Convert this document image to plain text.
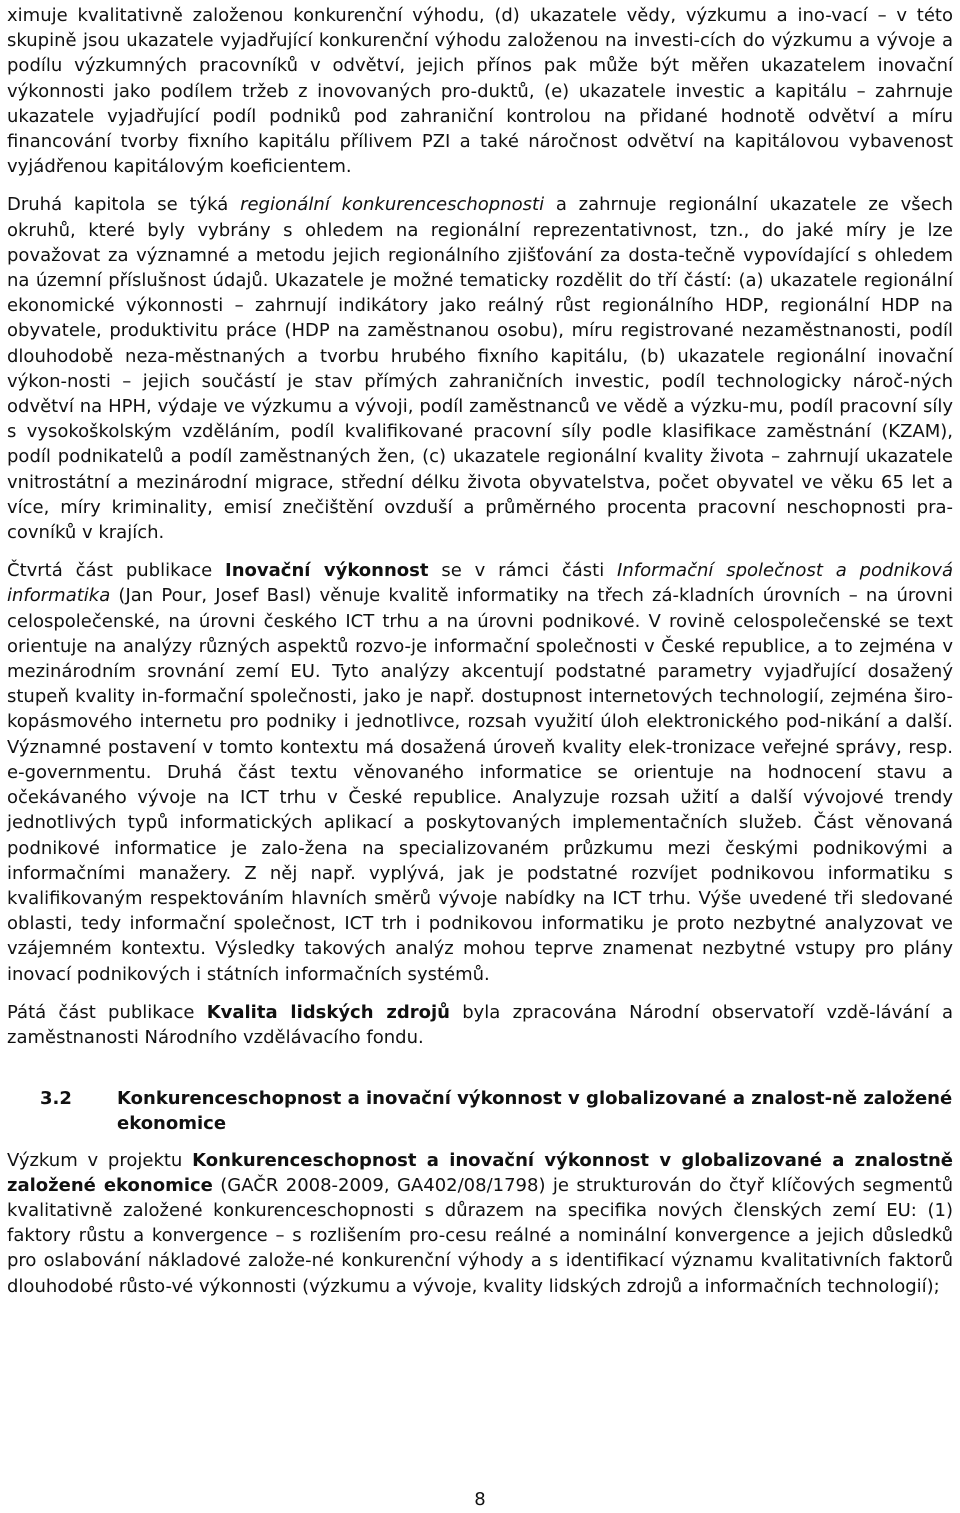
ximuje kvalitativně založenou konkurenční výhodu, (d) ukazatele vědy, výzkumu a ino-vací – v této skupině jsou ukazatele vyjadřující konkurenční výhodu založenou na investi-cích do výzkumu a vývoje a podílu výzkumných pracovníků v odvětví, jejich přínos pak může být měřen ukazatelem inovační výkonnosti jako podílem tržeb z inovovaných pro-duktů, (e) ukazatele investic a kapitálu – zahrnuje ukazatele vyjadřující podíl podniků pod zahraniční kontrolou na přidané hodnotě odvětví a míru financování tvorby fixního kapitálu přílivem PZI a také náročnost odvětví na kapitálovou vybavenost vyjádřenou kapitálovým koeficientem.

Druhá kapitola se týká regionální konkurenceschopnosti a zahrnuje regionální ukazatele ze všech okruhů, které byly vybrány s ohledem na regionální reprezentativnost, tzn., do jaké míry je lze považovat za významné a metodu jejich regionálního zjišťování za dosta-tečně vypovídající s ohledem na územní příslušnost údajů. Ukazatele je možné tematicky rozdělit do tří částí: (a) ukazatele regionální ekonomické výkonnosti – zahrnují indikátory jako reálný růst regionálního HDP, regionální HDP na obyvatele, produktivitu práce (HDP na zaměstnanou osobu), míru registrované nezaměstnanosti, podíl dlouhodobě neza-městnaných a tvorbu hrubého fixního kapitálu, (b) ukazatele regionální inovační výkon-nosti – jejich součástí je stav přímých zahraničních investic, podíl technologicky nároč-ných odvětví na HPH, výdaje ve výzkumu a vývoji, podíl zaměstnanců ve vědě a výzku-mu, podíl pracovní síly s vysokoškolským vzděláním, podíl kvalifikované pracovní síly podle klasifikace zaměstnání (KZAM), podíl podnikatelů a podíl zaměstnaných žen, (c) ukazatele regionální kvality života – zahrnují ukazatele vnitrostátní a mezinárodní migrace, střední délku života obyvatelstva, počet obyvatel ve věku 65 let a více, míry kriminality, emisí znečištění ovzduší a průměrného procenta pracovní neschopnosti pra-covníků v krajích.

Čtvrtá část publikace Inovační výkonnost se v rámci části Informační společnost a podniková informatika (Jan Pour, Josef Basl) věnuje kvalitě informatiky na třech zá-kladních úrovních – na úrovni celospolečenské, na úrovni českého ICT trhu a na úrovni podnikové. V rovině celospolečenské se text orientuje na analýzy různých aspektů rozvo-je informační společnosti v České republice, a to zejména v mezinárodním srovnání zemí EU. Tyto analýzy akcentují podstatné parametry vyjadřující dosažený stupeň kvality in-formační společnosti, jako je např. dostupnost internetových technologií, zejména širo-kopásmového internetu pro podniky i jednotlivce, rozsah využití úloh elektronického pod-nikání a další. Významné postavení v tomto kontextu má dosažená úroveň kvality elek-tronizace veřejné správy, resp. e-governmentu. Druhá část textu věnovaného informatice se orientuje na hodnocení stavu a očekávaného vývoje na ICT trhu v České republice. Analyzuje rozsah užití a další vývojové trendy jednotlivých typů informatických aplikací a poskytovaných implementačních služeb. Část věnovaná podnikové informatice je zalo-žena na specializovaném průzkumu mezi českými podnikovými a informačními manažery. Z něj např. vyplývá, jak je podstatné rozvíjet podnikovou informatiku s kvalifikovaným respektováním hlavních směrů vývoje nabídky na ICT trhu. Výše uvedené tři sledované oblasti, tedy informační společnost, ICT trh i podnikovou informatiku je proto nezbytné analyzovat ve vzájemném kontextu. Výsledky takových analýz mohou teprve znamenat nezbytné vstupy pro plány inovací podnikových i státních informačních systémů.

Pátá část publikace Kvalita lidských zdrojů byla zpracována Národní observatoří vzdě-lávání a zaměstnanosti Národního vzdělávacího fondu.

3.2	Konkurenceschopnost a inovační výkonnost v globalizované a znalost-ně založené ekonomice

Výzkum v projektu Konkurenceschopnost a inovační výkonnost v globalizované a znalostně založené ekonomice (GAČR 2008-2009, GA402/08/1798) je strukturován do čtyř klíčových segmentů kvalitativně založené konkurenceschopnosti s důrazem na specifika nových členských zemí EU: (1) faktory růstu a konvergence – s rozlišením pro-cesu reálné a nominální konvergence a jejich důsledků pro oslabování nákladové založe-né konkurenční výhody a s identifikací významu kvalitativních faktorů dlouhodobé růsto-vé výkonnosti (výzkumu a vývoje, kvality lidských zdrojů a informačních technologií);

8
